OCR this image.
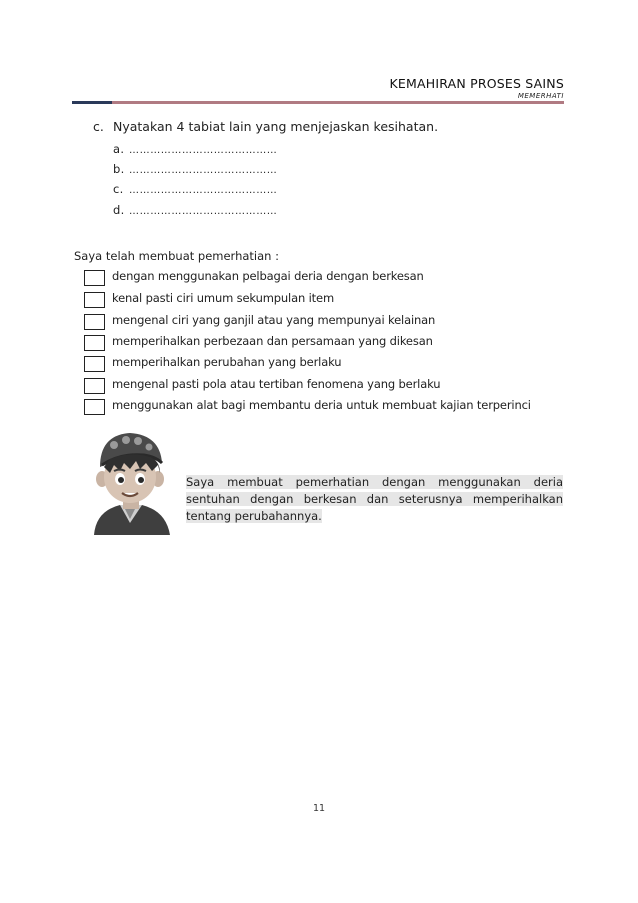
KEMAHIRAN PROSES SAINS
MEMERHATI
c. Nyatakan 4 tabiat lain yang menjejaskan kesihatan.
a. ……………………………………
b. ……………………………………
c. ……………………………………
d. ……………………………………
Saya telah membuat pemerhatian :
dengan menggunakan pelbagai deria dengan berkesan
kenal pasti ciri umum sekumpulan item
mengenal ciri yang ganjil atau yang mempunyai kelainan
memperihalkan perbezaan dan persamaan yang dikesan
memperihalkan perubahan yang berlaku
mengenal pasti pola atau tertiban fenomena yang berlaku
menggunakan alat bagi membantu deria untuk membuat kajian terperinci
Saya membuat pemerhatian dengan menggunakan deria sentuhan dengan berkesan dan seterusnya memperihalkan tentang perubahannya.
11
